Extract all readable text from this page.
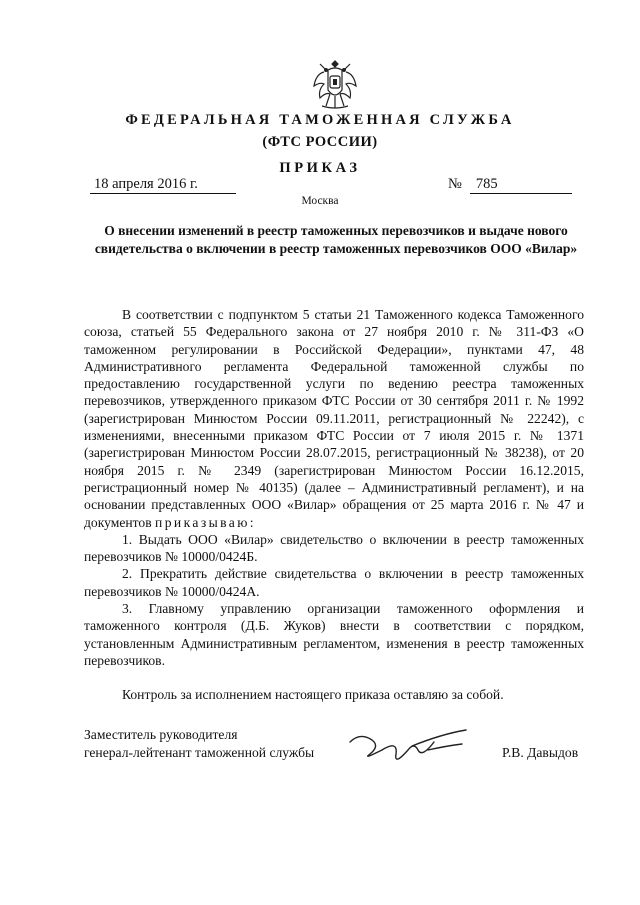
ФЕДЕРАЛЬНАЯ ТАМОЖЕННАЯ СЛУЖБА
(ФТС РОССИИ)
ПРИКАЗ
18 апреля 2016 г.	№ 785
Москва
О внесении изменений в реестр таможенных перевозчиков и выдаче нового свидетельства о включении в реестр таможенных перевозчиков ООО «Вилар»

В соответствии с подпунктом 5 статьи 21 Таможенного кодекса Таможенного союза, статьей 55 Федерального закона от 27 ноября 2010 г. № 311-ФЗ «О таможенном регулировании в Российской Федерации», пунктами 47, 48 Административного регламента Федеральной таможенной службы по предоставлению государственной услуги по ведению реестра таможенных перевозчиков, утвержденного приказом ФТС России от 30 сентября 2011 г. № 1992 (зарегистрирован Минюстом России 09.11.2011, регистрационный № 22242), с изменениями, внесенными приказом ФТС России от 7 июля 2015 г. № 1371 (зарегистрирован Минюстом России 28.07.2015, регистрационный № 38238), от 20 ноября 2015 г. № 2349 (зарегистрирован Минюстом России 16.12.2015, регистрационный номер № 40135) (далее – Административный регламент), и на основании представленных ООО «Вилар» обращения от 25 марта 2016 г. № 47 и документов приказываю:

1. Выдать ООО «Вилар» свидетельство о включении в реестр таможенных перевозчиков № 10000/0424Б.

2. Прекратить действие свидетельства о включении в реестр таможенных перевозчиков № 10000/0424А.

3. Главному управлению организации таможенного оформления и таможенного контроля (Д.Б. Жуков) внести в соответствии с порядком, установленным Административным регламентом, изменения в реестр таможенных перевозчиков.

Контроль за исполнением настоящего приказа оставляю за собой.

Заместитель руководителя
генерал-лейтенант таможенной службы	Р.В. Давыдов
